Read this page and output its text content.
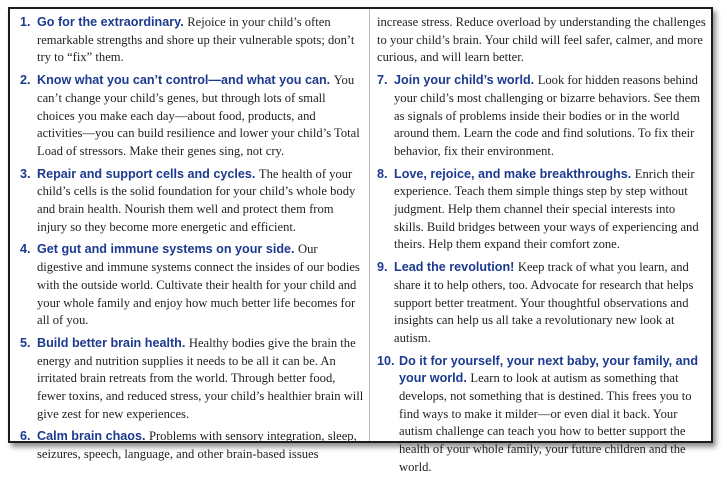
1. Go for the extraordinary. Rejoice in your child’s often remarkable strengths and shore up their vulnerable spots; don’t try to “fix” them.
2. Know what you can’t control—and what you can. You can’t change your child’s genes, but through lots of small choices you make each day—about food, products, and activities—you can build resilience and lower your child’s Total Load of stressors. Make their genes sing, not cry.
3. Repair and support cells and cycles. The health of your child’s cells is the solid foundation for your child’s whole body and brain health. Nourish them well and protect them from injury so they become more energetic and efficient.
4. Get gut and immune systems on your side. Our digestive and immune systems connect the insides of our bodies with the outside world. Cultivate their health for your child and your whole family and enjoy how much better life becomes for all of you.
5. Build better brain health. Healthy bodies give the brain the energy and nutrition supplies it needs to be all it can be. An irritated brain retreats from the world. Through better food, fewer toxins, and reduced stress, your child’s healthier brain will give zest for new experiences.
6. Calm brain chaos. Problems with sensory integration, sleep, seizures, speech, language, and other brain-based issues
increase stress. Reduce overload by understanding the challenges to your child’s brain. Your child will feel safer, calmer, and more curious, and will learn better.
7. Join your child’s world. Look for hidden reasons behind your child’s most challenging or bizarre behaviors. See them as signals of problems inside their bodies or in the world around them. Learn the code and find solutions. To fix their behavior, fix their environment.
8. Love, rejoice, and make breakthroughs. Enrich their experience. Teach them simple things step by step without judgment. Help them channel their special interests into skills. Build bridges between your ways of experiencing and theirs. Help them expand their comfort zone.
9. Lead the revolution! Keep track of what you learn, and share it to help others, too. Advocate for research that helps support better treatment. Your thoughtful observations and insights can help us all take a revolutionary new look at autism.
10. Do it for yourself, your next baby, your family, and your world. Learn to look at autism as something that develops, not something that is destined. This frees you to find ways to make it milder—or even dial it back. Your autism challenge can teach you how to better support the health of your whole family, your future children and the world.
